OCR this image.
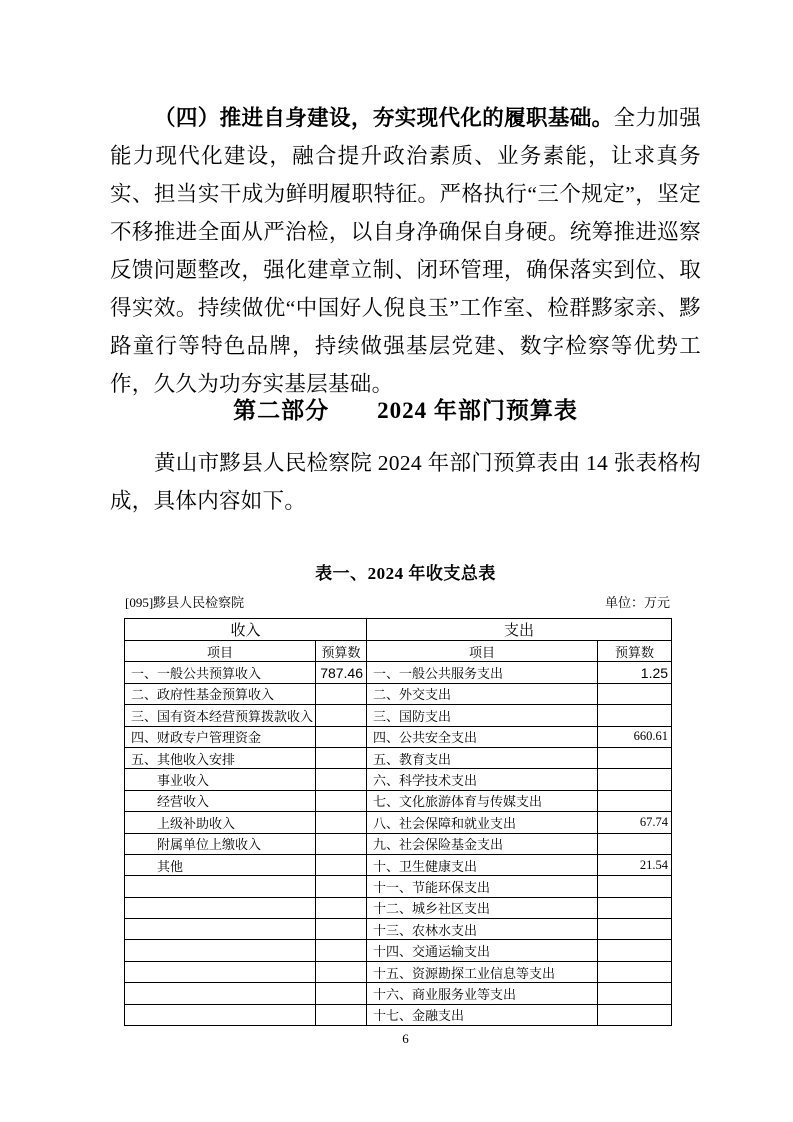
（四）推进自身建设，夯实现代化的履职基础。全力加强能力现代化建设，融合提升政治素质、业务素能，让求真务实、担当实干成为鲜明履职特征。严格执行“三个规定”，坚定不移推进全面从严治检，以自身净确保自身硬。统筹推进巡察反馈问题整改，强化建章立制、闭环管理，确保落实到位、取得实效。持续做优“中国好人倪良玉”工作室、检群黟家亲、黟路童行等特色品牌，持续做强基层党建、数字检察等优势工作，久久为功夯实基层基础。

第二部分　　2024 年部门预算表

黄山市黟县人民检察院 2024 年部门预算表由 14 张表格构成，具体内容如下。

表一、2024 年收支总表
[095]黟县人民检察院	单位：万元
收入		支出	
项目	预算数	项目	预算数
一、一般公共预算收入	787.46	一、一般公共服务支出	1.25
二、政府性基金预算收入		二、外交支出	
三、国有资本经营预算拨款收入		三、国防支出	
四、财政专户管理资金		四、公共安全支出	660.61
五、其他收入安排		五、教育支出	
事业收入		六、科学技术支出	
经营收入		七、文化旅游体育与传媒支出	
上级补助收入		八、社会保障和就业支出	67.74
附属单位上缴收入		九、社会保险基金支出	
其他		十、卫生健康支出	21.54
		十一、节能环保支出	
		十二、城乡社区支出	
		十三、农林水支出	
		十四、交通运输支出	
		十五、资源勘探工业信息等支出	
		十六、商业服务业等支出	
		十七、金融支出	
6
